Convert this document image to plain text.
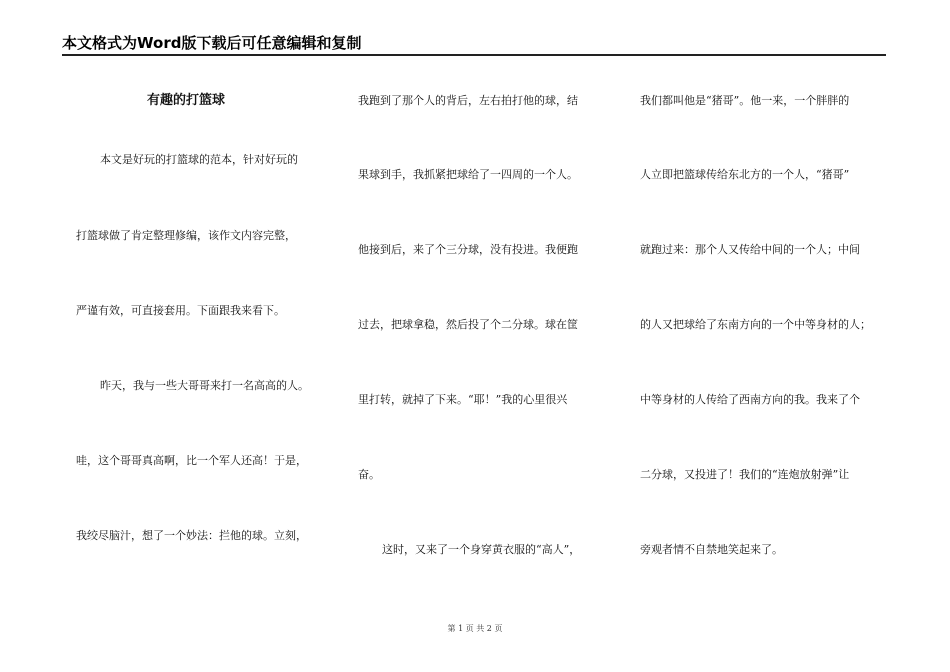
本文格式为Word版下载后可任意编辑和复制
有趣的打篮球
本文是好玩的打篮球的范本，针对好玩的
打篮球做了肯定整理修编，该作文内容完整，
严谨有效，可直接套用。下面跟我来看下。
昨天，我与一些大哥哥来打一名高高的人。
哇，这个哥哥真高啊，比一个军人还高！于是，
我绞尽脑汁，想了一个妙法：拦他的球。立刻，
我跑到了那个人的背后，左右拍打他的球，结
果球到手，我抓紧把球给了一四周的一个人。
他接到后，来了个三分球，没有投进。我便跑
过去，把球拿稳，然后投了个二分球。球在筐
里打转，就掉了下来。“耶！”我的心里很兴
奋。
这时，又来了一个身穿黄衣服的“高人”，
我们都叫他是“猪哥”。他一来，一个胖胖的
人立即把篮球传给东北方的一个人，“猪哥”
就跑过来：那个人又传给中间的一个人；中间
的人又把球给了东南方向的一个中等身材的人；
中等身材的人传给了西南方向的我。我来了个
二分球，又投进了！我们的“连炮放射弹”让
旁观者情不自禁地笑起来了。
第 1 页 共 2 页
